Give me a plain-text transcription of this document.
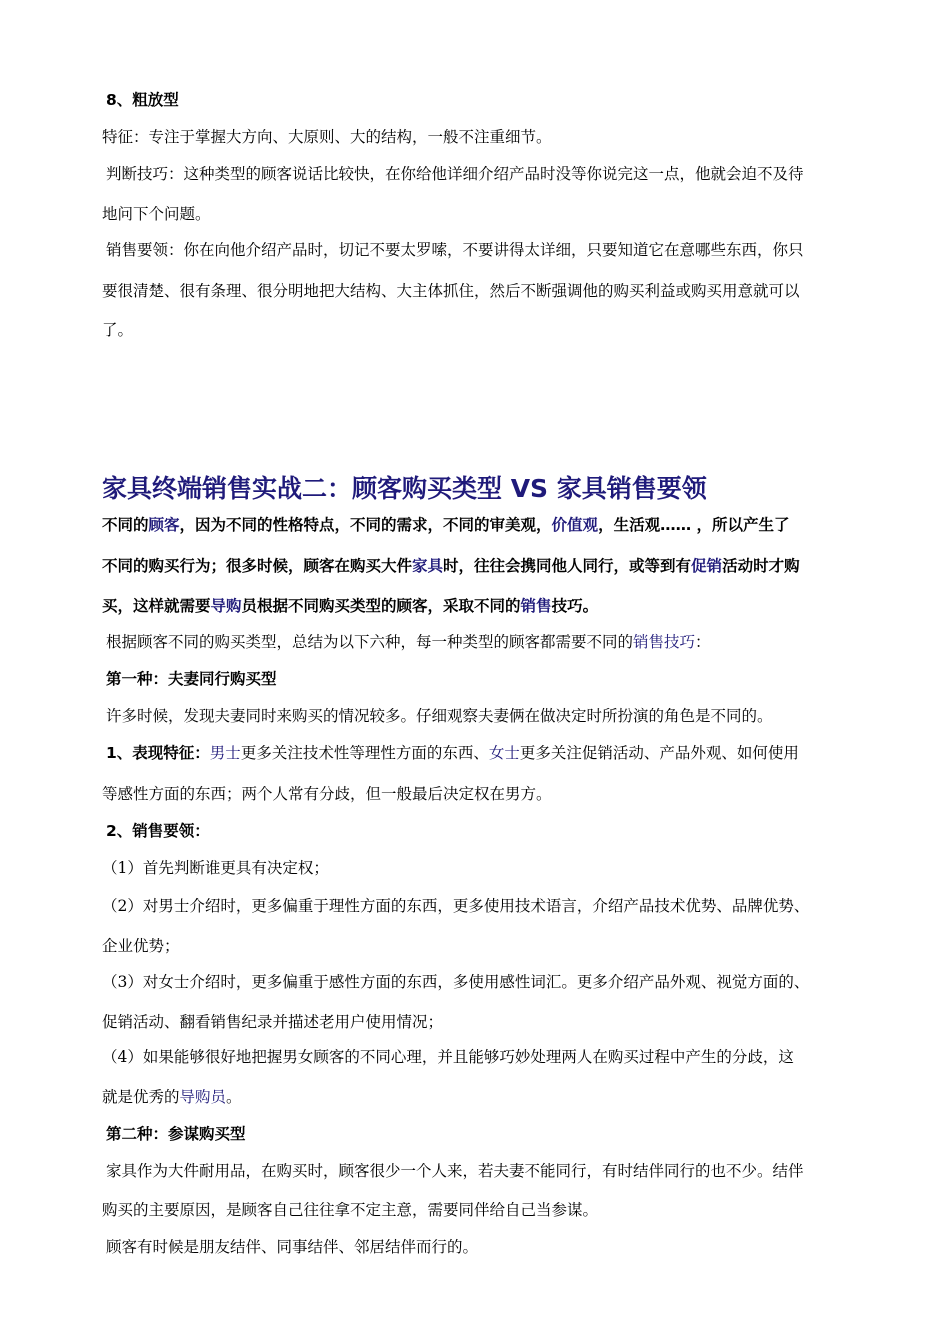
8、粗放型
特征：专注于掌握大方向、大原则、大的结构，一般不注重细节。
判断技巧：这种类型的顾客说话比较快，在你给他详细介绍产品时没等你说完这一点，他就会迫不及待
地问下个问题。
销售要领：你在向他介绍产品时，切记不要太罗嗦，不要讲得太详细，只要知道它在意哪些东西，你只
要很清楚、很有条理、很分明地把大结构、大主体抓住，然后不断强调他的购买利益或购买用意就可以
了。
家具终端销售实战二：顾客购买类型 VS 家具销售要领
不同的顾客，因为不同的性格特点，不同的需求，不同的审美观，价值观，生活观…… ，所以产生了
不同的购买行为；很多时候，顾客在购买大件家具时，往往会携同他人同行，或等到有促销活动时才购
买，这样就需要导购员根据不同购买类型的顾客，采取不同的销售技巧。
根据顾客不同的购买类型，总结为以下六种，每一种类型的顾客都需要不同的销售技巧：
第一种：夫妻同行购买型
许多时候，发现夫妻同时来购买的情况较多。仔细观察夫妻俩在做决定时所扮演的角色是不同的。
1、表现特征：男士更多关注技术性等理性方面的东西、女士更多关注促销活动、产品外观、如何使用
等感性方面的东西；两个人常有分歧，但一般最后决定权在男方。
2、销售要领：
（1）首先判断谁更具有决定权；
（2）对男士介绍时，更多偏重于理性方面的东西，更多使用技术语言，介绍产品技术优势、品牌优势、
企业优势；
（3）对女士介绍时，更多偏重于感性方面的东西，多使用感性词汇。更多介绍产品外观、视觉方面的、
促销活动、翻看销售纪录并描述老用户使用情况；
（4）如果能够很好地把握男女顾客的不同心理，并且能够巧妙处理两人在购买过程中产生的分歧，这
就是优秀的导购员。
第二种：参谋购买型
家具作为大件耐用品，在购买时，顾客很少一个人来，若夫妻不能同行，有时结伴同行的也不少。结伴
购买的主要原因，是顾客自己往往拿不定主意，需要同伴给自己当参谋。
顾客有时候是朋友结伴、同事结伴、邻居结伴而行的。
